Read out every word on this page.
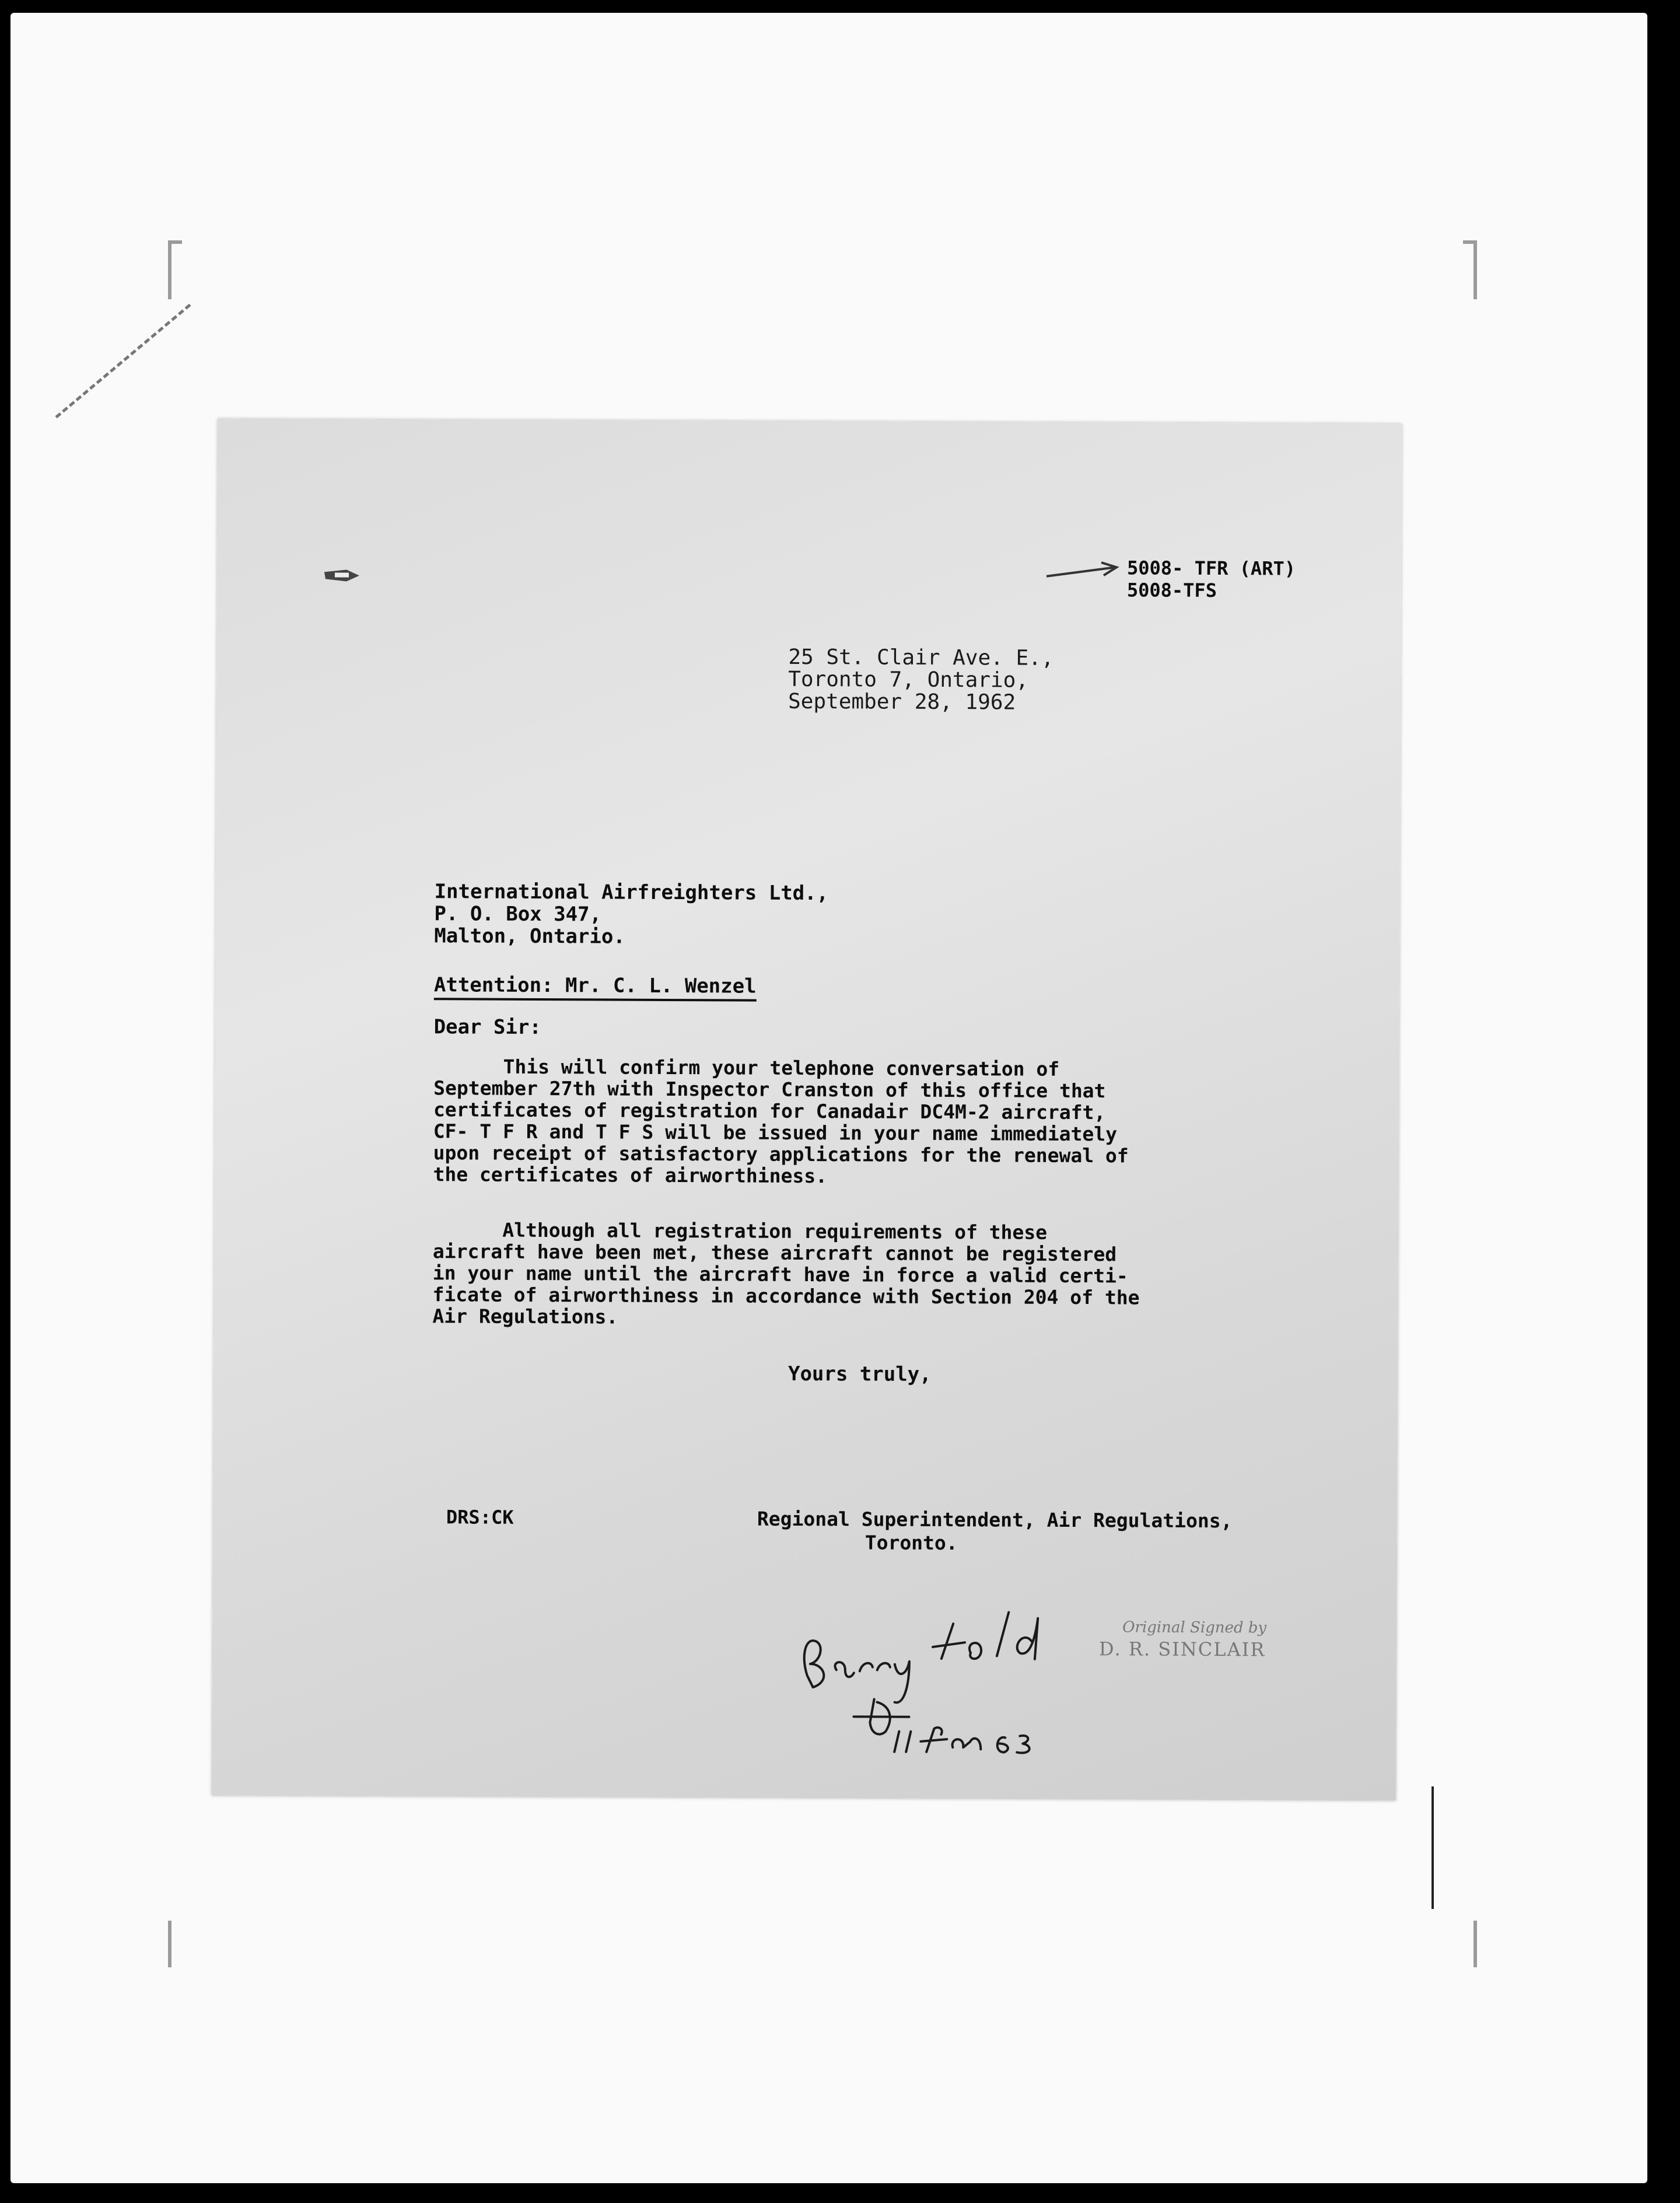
5008- TFR (ART)
5008-TFS
25 St. Clair Ave. E.,
Toronto 7, Ontario,
September 28, 1962
International Airfreighters Ltd.,
P. O. Box 347,
Malton, Ontario.
Attention: Mr. C. L. Wenzel
Dear Sir:
This will confirm your telephone conversation of
September 27th with Inspector Cranston of this office that
certificates of registration for Canadair DC4M-2 aircraft,
CF- T F R and T F S will be issued in your name immediately
upon receipt of satisfactory applications for the renewal of
the certificates of airworthiness.
Although all registration requirements of these
aircraft have been met, these aircraft cannot be registered
in your name until the aircraft have in force a valid certi-
ficate of airworthiness in accordance with Section 204 of the
Air Regulations.
Yours truly,
DRS:CK	Regional Superintendent, Air Regulations,
Toronto.
Original Signed by
D. R. SINCLAIR
